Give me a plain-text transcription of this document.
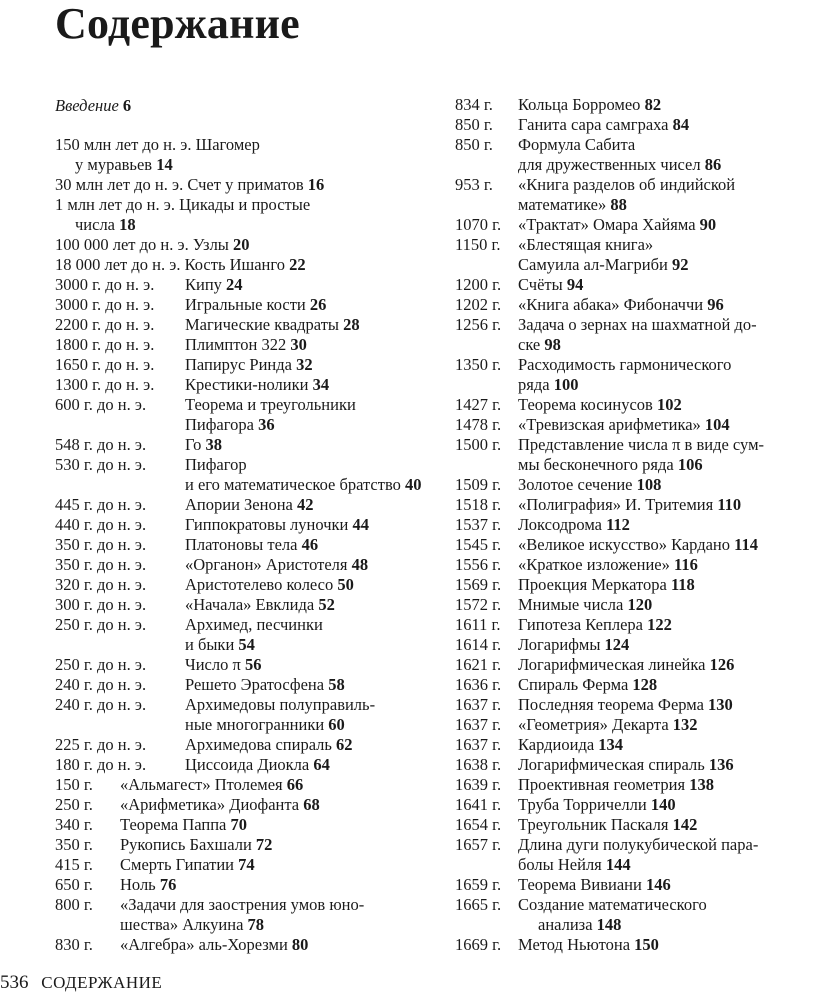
Содержание
Введение 6
150 млн лет до н. э. Шагомер
у муравьев 14
30 млн лет до н. э. Счет у приматов 16
1 млн лет до н. э. Цикады и простые
числа 18
100 000 лет до н. э. Узлы 20
18 000 лет до н. э. Кость Ишанго 22
3000 г. до н. э.	Кипу 24
3000 г. до н. э.	Игральные кости 26
2200 г. до н. э.	Магические квадраты 28
1800 г. до н. э.	Плимптон 322 30
1650 г. до н. э.	Папирус Ринда 32
1300 г. до н. э.	Крестики-нолики 34
600 г. до н. э.	Теорема и треугольники
Пифагора 36
548 г. до н. э.	Го 38
530 г. до н. э.	Пифагор
и его математическое братство 40
445 г. до н. э.	Апории Зенона 42
440 г. до н. э.	Гиппократовы луночки 44
350 г. до н. э.	Платоновы тела 46
350 г. до н. э.	«Органон» Аристотеля 48
320 г. до н. э.	Аристотелево колесо 50
300 г. до н. э.	«Начала» Евклида 52
250 г. до н. э.	Архимед, песчинки
и быки 54
250 г. до н. э.	Число π 56
240 г. до н. э.	Решето Эратосфена 58
240 г. до н. э.	Архимедовы полуправиль-
ные многогранники 60
225 г. до н. э.	Архимедова спираль 62
180 г. до н. э.	Циссоида Диокла 64
150 г.	«Альмагест» Птолемея 66
250 г.	«Арифметика» Диофанта 68
340 г.	Теорема Паппа 70
350 г.	Рукопись Бахшали 72
415 г.	Смерть Гипатии 74
650 г.	Ноль 76
800 г.	«Задачи для заострения умов юно-
шества» Алкуина 78
830 г.	«Алгебра» аль-Хорезми 80
834 г.	Кольца Борромео 82
850 г.	Ганита сара самграха 84
850 г.	Формула Сабита
для дружественных чисел 86
953 г.	«Книга разделов об индийской
математике» 88
1070 г.	«Трактат» Омара Хайяма 90
1150 г.	«Блестящая книга»
Самуила ал-Магриби 92
1200 г.	Счёты 94
1202 г.	«Книга абака» Фибоначчи 96
1256 г.	Задача о зернах на шахматной до-
ске 98
1350 г.	Расходимость гармонического
ряда 100
1427 г.	Теорема косинусов 102
1478 г.	«Тревизская арифметика» 104
1500 г.	Представление числа π в виде сум-
мы бесконечного ряда 106
1509 г.	Золотое сечение 108
1518 г.	«Полиграфия» И. Тритемия 110
1537 г.	Локсодрома 112
1545 г.	«Великое искусство» Кардано 114
1556 г.	«Краткое изложение» 116
1569 г.	Проекция Меркатора 118
1572 г.	Мнимые числа 120
1611 г.	Гипотеза Кеплера 122
1614 г.	Логарифмы 124
1621 г.	Логарифмическая линейка 126
1636 г.	Спираль Ферма 128
1637 г.	Последняя теорема Ферма 130
1637 г.	«Геометрия» Декарта 132
1637 г.	Кардиоида 134
1638 г.	Логарифмическая спираль 136
1639 г.	Проективная геометрия 138
1641 г.	Труба Торричелли 140
1654 г.	Треугольник Паскаля 142
1657 г.	Длина дуги полукубической пара-
болы Нейля 144
1659 г.	Теорема Вивиани 146
1665 г.	Создание математического
анализа 148
1669 г.	Метод Ньютона 150
536 СОДЕРЖАНИЕ
